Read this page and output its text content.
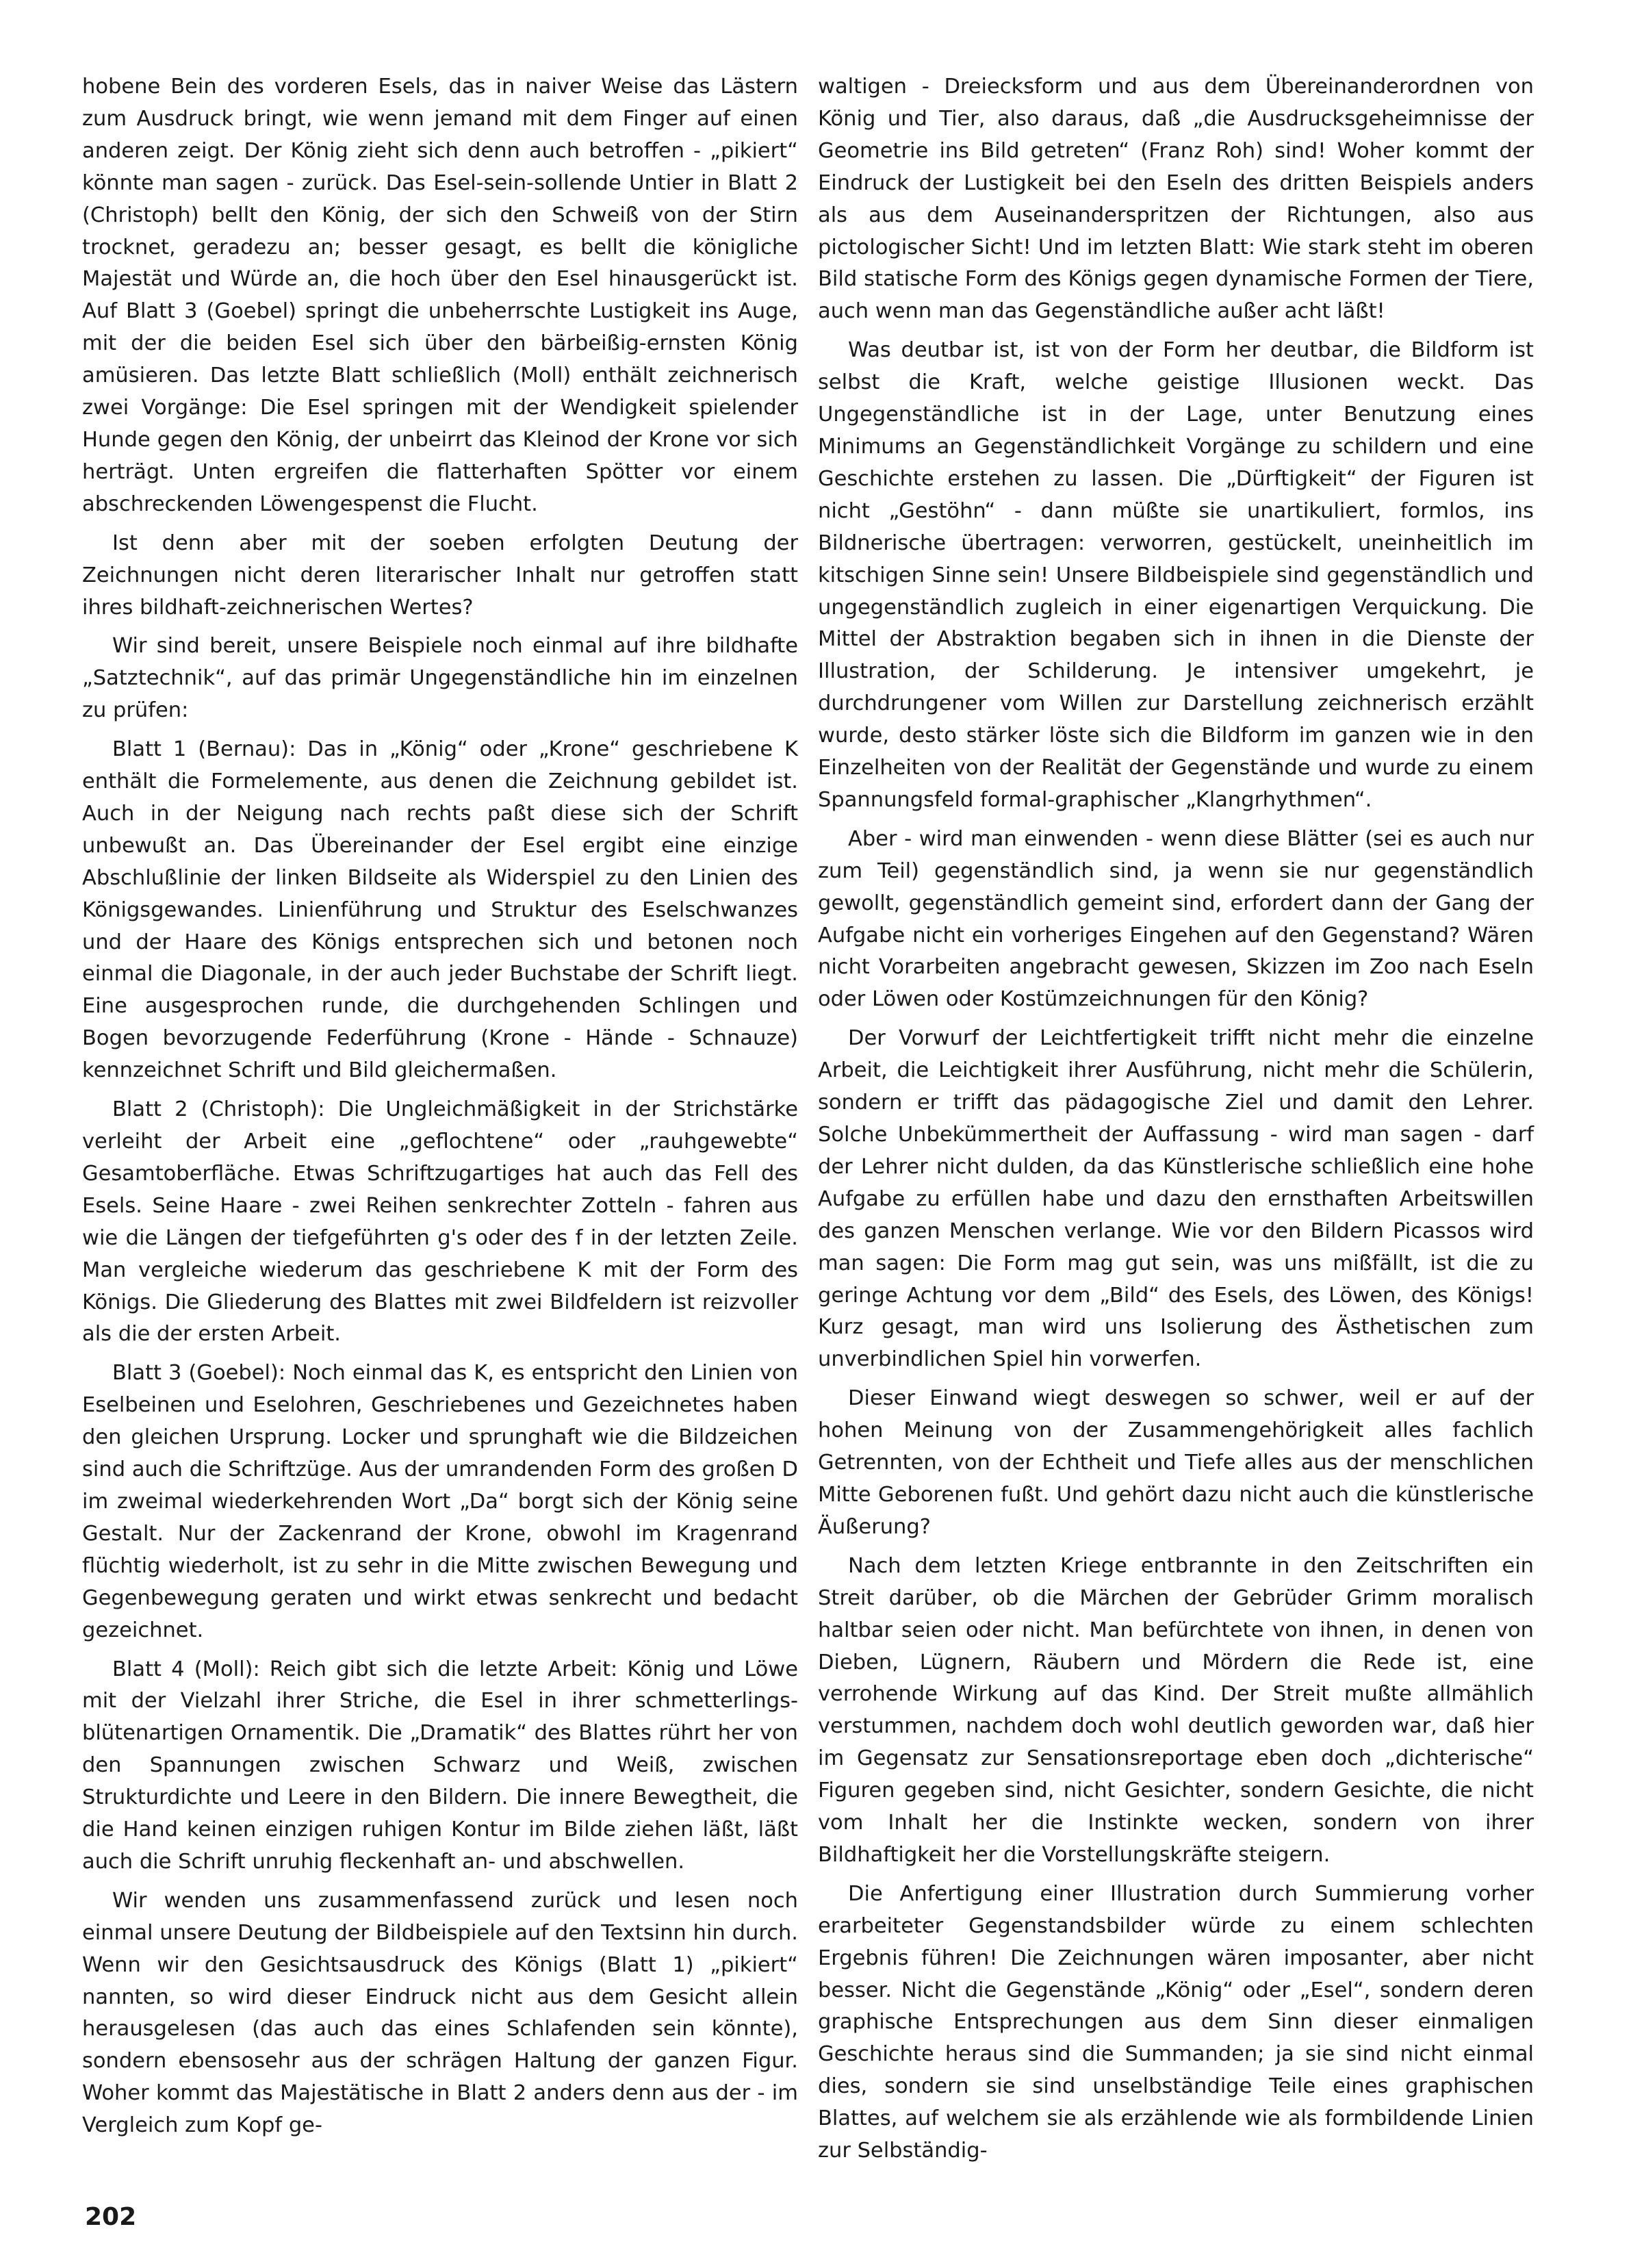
hobene Bein des vorderen Esels, das in naiver Weise das Lästern zum Ausdruck bringt, wie wenn jemand mit dem Finger auf einen anderen zeigt. Der König zieht sich denn auch betroffen - „pikiert“ könnte man sagen - zurück. Das Esel-sein-sollende Untier in Blatt 2 (Christoph) bellt den König, der sich den Schweiß von der Stirn trocknet, geradezu an; besser gesagt, es bellt die königliche Majestät und Würde an, die hoch über den Esel hinausgerückt ist. Auf Blatt 3 (Goebel) springt die unbeherrschte Lustigkeit ins Auge, mit der die beiden Esel sich über den bärbeißig-ernsten König amüsieren. Das letzte Blatt schließlich (Moll) enthält zeichnerisch zwei Vorgänge: Die Esel springen mit der Wendigkeit spielender Hunde gegen den König, der unbeirrt das Kleinod der Krone vor sich herträgt. Unten ergreifen die flatterhaften Spötter vor einem abschreckenden Löwengespenst die Flucht.

Ist denn aber mit der soeben erfolgten Deutung der Zeichnungen nicht deren literarischer Inhalt nur getroffen statt ihres bildhaft-zeichnerischen Wertes?

Wir sind bereit, unsere Beispiele noch einmal auf ihre bildhafte „Satztechnik“, auf das primär Ungegenständliche hin im einzelnen zu prüfen:

Blatt 1 (Bernau): Das in „König“ oder „Krone“ geschriebene K enthält die Formelemente, aus denen die Zeichnung gebildet ist. Auch in der Neigung nach rechts paßt diese sich der Schrift unbewußt an. Das Übereinander der Esel ergibt eine einzige Abschlußlinie der linken Bildseite als Widerspiel zu den Linien des Königsgewandes. Linienführung und Struktur des Eselschwanzes und der Haare des Königs entsprechen sich und betonen noch einmal die Diagonale, in der auch jeder Buchstabe der Schrift liegt. Eine ausgesprochen runde, die durchgehenden Schlingen und Bogen bevorzugende Federführung (Krone - Hände - Schnauze) kennzeichnet Schrift und Bild gleichermaßen.

Blatt 2 (Christoph): Die Ungleichmäßigkeit in der Strichstärke verleiht der Arbeit eine „geflochtene“ oder „rauhgewebte“ Gesamtoberfläche. Etwas Schriftzugartiges hat auch das Fell des Esels. Seine Haare - zwei Reihen senkrechter Zotteln - fahren aus wie die Längen der tiefgeführten g's oder des f in der letzten Zeile. Man vergleiche wiederum das geschriebene K mit der Form des Königs. Die Gliederung des Blattes mit zwei Bildfeldern ist reizvoller als die der ersten Arbeit.

Blatt 3 (Goebel): Noch einmal das K, es entspricht den Linien von Eselbeinen und Eselohren, Geschriebenes und Gezeichnetes haben den gleichen Ursprung. Locker und sprunghaft wie die Bildzeichen sind auch die Schriftzüge. Aus der umrandenden Form des großen D im zweimal wiederkehrenden Wort „Da“ borgt sich der König seine Gestalt. Nur der Zackenrand der Krone, obwohl im Kragenrand flüchtig wiederholt, ist zu sehr in die Mitte zwischen Bewegung und Gegenbewegung geraten und wirkt etwas senkrecht und bedacht gezeichnet.

Blatt 4 (Moll): Reich gibt sich die letzte Arbeit: König und Löwe mit der Vielzahl ihrer Striche, die Esel in ihrer schmetterlings-blütenartigen Ornamentik. Die „Dramatik“ des Blattes rührt her von den Spannungen zwischen Schwarz und Weiß, zwischen Strukturdichte und Leere in den Bildern. Die innere Bewegtheit, die die Hand keinen einzigen ruhigen Kontur im Bilde ziehen läßt, läßt auch die Schrift unruhig fleckenhaft an- und abschwellen.

Wir wenden uns zusammenfassend zurück und lesen noch einmal unsere Deutung der Bildbeispiele auf den Textsinn hin durch. Wenn wir den Gesichtsausdruck des Königs (Blatt 1) „pikiert“ nannten, so wird dieser Eindruck nicht aus dem Gesicht allein herausgelesen (das auch das eines Schlafenden sein könnte), sondern ebensosehr aus der schrägen Haltung der ganzen Figur. Woher kommt das Majestätische in Blatt 2 anders denn aus der - im Vergleich zum Kopf ge-

waltigen - Dreiecksform und aus dem Übereinanderordnen von König und Tier, also daraus, daß „die Ausdrucksgeheimnisse der Geometrie ins Bild getreten“ (Franz Roh) sind! Woher kommt der Eindruck der Lustigkeit bei den Eseln des dritten Beispiels anders als aus dem Auseinanderspritzen der Richtungen, also aus pictologischer Sicht! Und im letzten Blatt: Wie stark steht im oberen Bild statische Form des Königs gegen dynamische Formen der Tiere, auch wenn man das Gegenständliche außer acht läßt!

Was deutbar ist, ist von der Form her deutbar, die Bildform ist selbst die Kraft, welche geistige Illusionen weckt. Das Ungegenständliche ist in der Lage, unter Benutzung eines Minimums an Gegenständlichkeit Vorgänge zu schildern und eine Geschichte erstehen zu lassen. Die „Dürftigkeit“ der Figuren ist nicht „Gestöhn“ - dann müßte sie unartikuliert, formlos, ins Bildnerische übertragen: verworren, gestückelt, uneinheitlich im kitschigen Sinne sein! Unsere Bildbeispiele sind gegenständlich und ungegenständlich zugleich in einer eigenartigen Verquickung. Die Mittel der Abstraktion begaben sich in ihnen in die Dienste der Illustration, der Schilderung. Je intensiver umgekehrt, je durchdrungener vom Willen zur Darstellung zeichnerisch erzählt wurde, desto stärker löste sich die Bildform im ganzen wie in den Einzelheiten von der Realität der Gegenstände und wurde zu einem Spannungsfeld formal-graphischer „Klangrhythmen“.

Aber - wird man einwenden - wenn diese Blätter (sei es auch nur zum Teil) gegenständlich sind, ja wenn sie nur gegenständlich gewollt, gegenständlich gemeint sind, erfordert dann der Gang der Aufgabe nicht ein vorheriges Eingehen auf den Gegenstand? Wären nicht Vorarbeiten angebracht gewesen, Skizzen im Zoo nach Eseln oder Löwen oder Kostümzeichnungen für den König?

Der Vorwurf der Leichtfertigkeit trifft nicht mehr die einzelne Arbeit, die Leichtigkeit ihrer Ausführung, nicht mehr die Schülerin, sondern er trifft das pädagogische Ziel und damit den Lehrer. Solche Unbekümmertheit der Auffassung - wird man sagen - darf der Lehrer nicht dulden, da das Künstlerische schließlich eine hohe Aufgabe zu erfüllen habe und dazu den ernsthaften Arbeitswillen des ganzen Menschen verlange. Wie vor den Bildern Picassos wird man sagen: Die Form mag gut sein, was uns mißfällt, ist die zu geringe Achtung vor dem „Bild“ des Esels, des Löwen, des Königs! Kurz gesagt, man wird uns Isolierung des Ästhetischen zum unverbindlichen Spiel hin vorwerfen.

Dieser Einwand wiegt deswegen so schwer, weil er auf der hohen Meinung von der Zusammengehörigkeit alles fachlich Getrennten, von der Echtheit und Tiefe alles aus der menschlichen Mitte Geborenen fußt. Und gehört dazu nicht auch die künstlerische Äußerung?

Nach dem letzten Kriege entbrannte in den Zeitschriften ein Streit darüber, ob die Märchen der Gebrüder Grimm moralisch haltbar seien oder nicht. Man befürchtete von ihnen, in denen von Dieben, Lügnern, Räubern und Mördern die Rede ist, eine verrohende Wirkung auf das Kind. Der Streit mußte allmählich verstummen, nachdem doch wohl deutlich geworden war, daß hier im Gegensatz zur Sensationsreportage eben doch „dichterische“ Figuren gegeben sind, nicht Gesichter, sondern Gesichte, die nicht vom Inhalt her die Instinkte wecken, sondern von ihrer Bildhaftigkeit her die Vorstellungskräfte steigern.

Die Anfertigung einer Illustration durch Summierung vorher erarbeiteter Gegenstandsbilder würde zu einem schlechten Ergebnis führen! Die Zeichnungen wären imposanter, aber nicht besser. Nicht die Gegenstände „König“ oder „Esel“, sondern deren graphische Entsprechungen aus dem Sinn dieser einmaligen Geschichte heraus sind die Summanden; ja sie sind nicht einmal dies, sondern sie sind unselbständige Teile eines graphischen Blattes, auf welchem sie als erzählende wie als formbildende Linien zur Selbständig-

202
